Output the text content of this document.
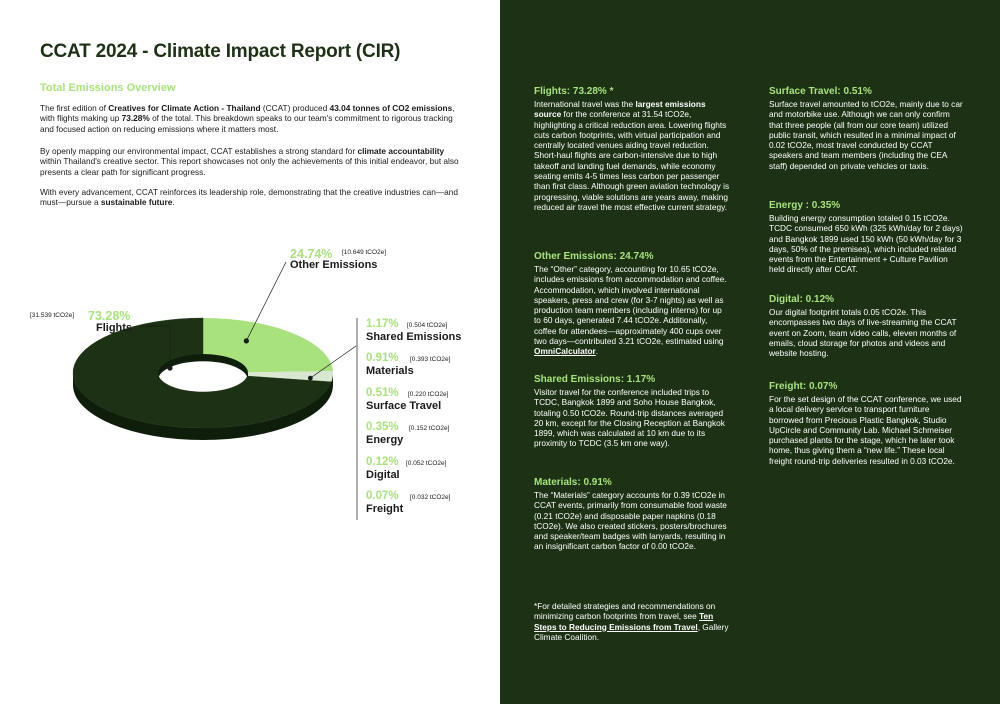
CCAT 2024 - Climate Impact Report (CIR)
Total Emissions Overview

The first edition of Creatives for Climate Action - Thailand (CCAT) produced 43.04 tonnes of CO2 emissions, with flights making up 73.28% of the total. This breakdown speaks to our team's commitment to rigorous tracking and focused action on reducing emissions where it matters most.

By openly mapping our environmental impact, CCAT establishes a strong standard for climate accountability within Thailand's creative sector. This report showcases not only the achievements of this initial endeavor, but also presents a clear path for significant progress.

With every advancement, CCAT reinforces its leadership role, demonstrating that the creative industries can—and must—pursue a sustainable future.

24.74% [10.649 tCO2e]
Other Emissions
[31.539 tCO2e] 73.28%
Flights	1.17% [0.504 tCO2e]
Shared Emissions
0.91% [0.393 tCO2e]
Materials
0.51% [0.220 tCO2e]
Surface Travel
0.35% [0.152 tCO2e]
Energy
0.12% [0.052 tCO2e]
Digital
0.07% [0.032 tCO2e]
Freight
Flights: 73.28% *

International travel was the largest emissions source for the conference at 31.54 tCO2e, highlighting a critical reduction area. Lowering flights cuts carbon footprints, with virtual participation and centrally located venues aiding travel reduction. Short-haul flights are carbon-intensive due to high takeoff and landing fuel demands, while economy seating emits 4-5 times less carbon per passenger than first class. Although green aviation technology is progressing, viable solutions are years away, making reduced air travel the most effective current strategy.

Other Emissions: 24.74%

The “Other” category, accounting for 10.65 tCO2e, includes emissions from accommodation and coffee. Accommodation, which involved international speakers, press and crew (for 3-7 nights) as well as production team members (including interns) for up to 60 days, generated 7.44 tCO2e. Additionally, coffee for attendees—approximately 400 cups over two days—contributed 3.21 tCO2e, estimated using OmniCalculator.

Shared Emissions: 1.17%

Visitor travel for the conference included trips to TCDC, Bangkok 1899 and Soho House Bangkok, totaling 0.50 tCO2e. Round-trip distances averaged 20 km, except for the Closing Reception at Bangkok 1899, which was calculated at 10 km due to its proximity to TCDC (3.5 km one way).

Materials: 0.91%

The “Materials” category accounts for 0.39 tCO2e in CCAT events, primarily from consumable food waste (0.21 tCO2e) and disposable paper napkins (0.18 tCO2e). We also created stickers, posters/brochures and speaker/team badges with lanyards, resulting in an insignificant carbon factor of 0.00 tCO2e.

*For detailed strategies and recommendations on minimizing carbon footprints from travel, see Ten Steps to Reducing Emissions from Travel, Gallery Climate Coalition.

Surface Travel: 0.51%

Surface travel amounted to tCO2e, mainly due to car and motorbike use. Although we can only confirm that three people (all from our core team) utilized public transit, which resulted in a minimal impact of 0.02 tCO2e, most travel conducted by CCAT speakers and team members (including the CEA staff) depended on private vehicles or taxis.

Energy : 0.35%

Building energy consumption totaled 0.15 tCO2e. TCDC consumed 650 kWh (325 kWh/day for 2 days) and Bangkok 1899 used 150 kWh (50 kWh/day for 3 days, 50% of the premises), which included related events from the Entertainment + Culture Pavilion held directly after CCAT.

Digital: 0.12%

Our digital footprint totals 0.05 tCO2e. This encompasses two days of live-streaming the CCAT event on Zoom, team video calls, eleven months of emails, cloud storage for photos and videos and website hosting.

Freight: 0.07%

For the set design of the CCAT conference, we used a local delivery service to transport furniture borrowed from Precious Plastic Bangkok, Studio UpCircle and Community Lab. Michael Schmeiser purchased plants for the stage, which he later took home, thus giving them a “new life.” These local freight round-trip deliveries resulted in 0.03 tCO2e.
